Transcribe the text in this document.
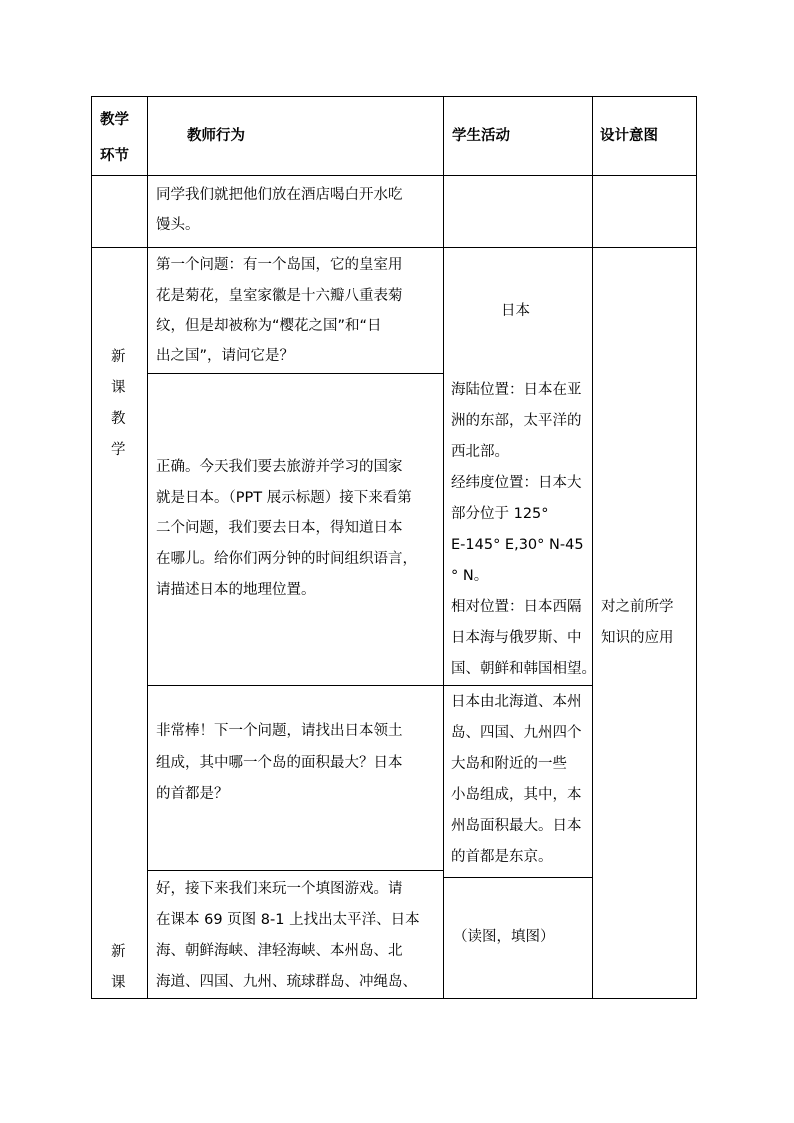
教学
环节
教师行为	学生活动	设计意图
同学我们就把他们放在酒店喝白开水吃
馒头。
新
课
教
学
第一个问题：有一个岛国，它的皇室用
花是菊花，皇室家徽是十六瓣八重表菊
纹，但是却被称为“樱花之国”和“日
出之国”，请问它是？
日本
正确。今天我们要去旅游并学习的国家
就是日本。（PPT 展示标题）接下来看第
二个问题，我们要去日本，得知道日本
在哪儿。给你们两分钟的时间组织语言，
请描述日本的地理位置。
海陆位置：日本在亚
洲的东部，太平洋的
西北部。
经纬度位置：日本大
部分位于 125°
E-145° E,30° N-45
° N。
相对位置：日本西隔
日本海与俄罗斯、中
国、朝鲜和韩国相望。
对之前所学
知识的应用
非常棒！下一个问题，请找出日本领土
组成，其中哪一个岛的面积最大？日本
的首都是？
日本由北海道、本州
岛、四国、九州四个
大岛和附近的一些
小岛组成，其中，本
州岛面积最大。日本
的首都是东京。
新
课
好，接下来我们来玩一个填图游戏。请
在课本 69 页图 8-1 上找出太平洋、日本
海、朝鲜海峡、津轻海峡、本州岛、北
海道、四国、九州、琉球群岛、冲绳岛、
（读图，填图）
